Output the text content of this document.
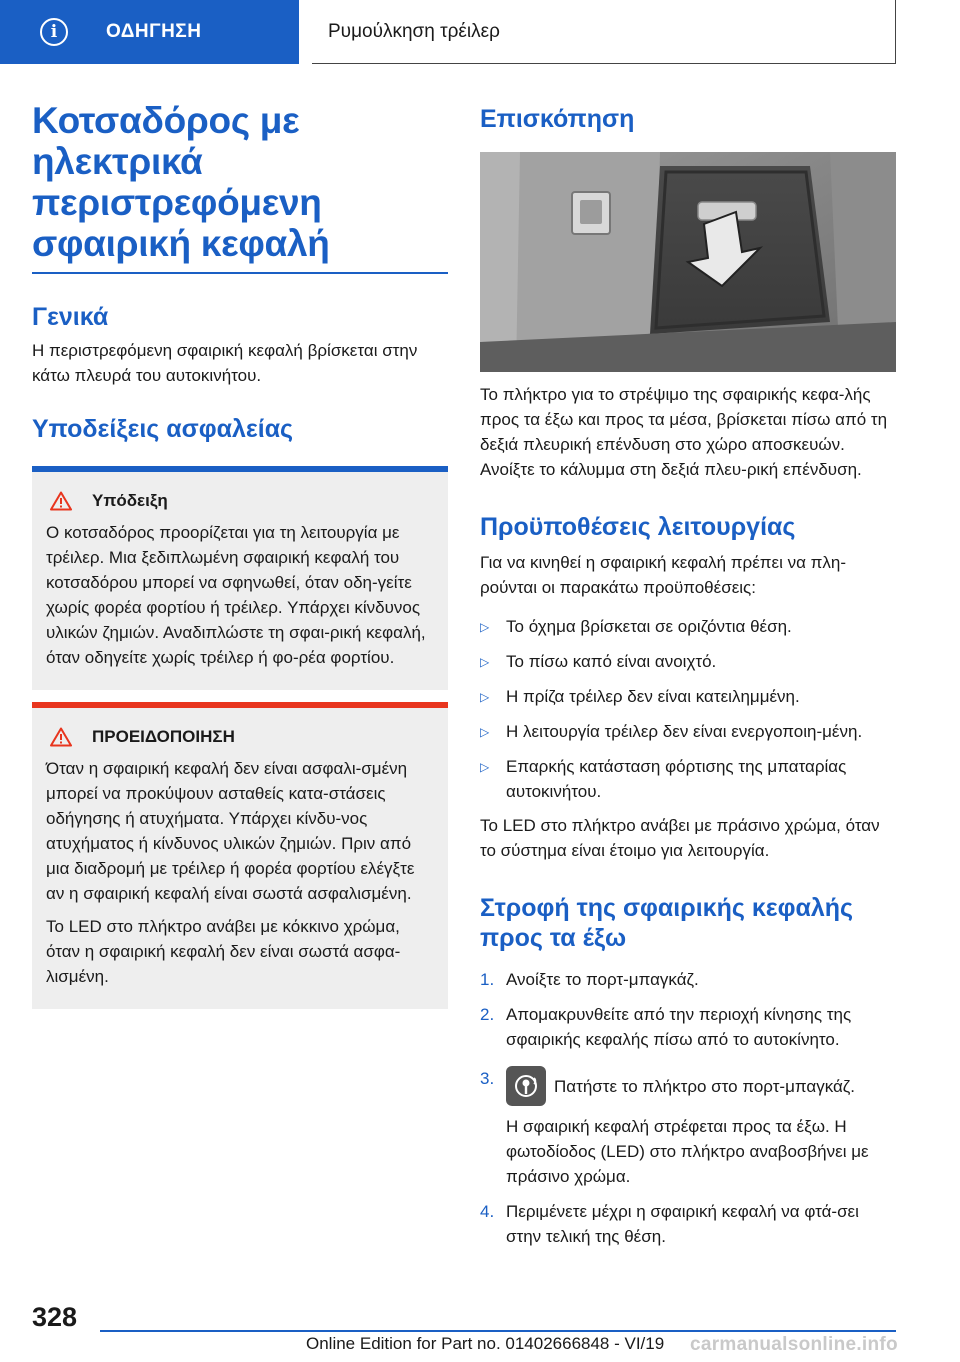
i	ΟΔΗΓΗΣΗ	Ρυμούλκηση τρέιλερ
Κοτσαδόρος με ηλεκτρικά περιστρεφόμενη σφαιρική κεφαλή
Γενικά

Η περιστρεφόμενη σφαιρική κεφαλή βρίσκεται στην κάτω πλευρά του αυτοκινήτου.

Υποδείξεις ασφαλείας
Υπόδειξη

Ο κοτσαδόρος προορίζεται για τη λειτουργία με τρέιλερ. Μια ξεδιπλωμένη σφαιρική κεφαλή του κοτσαδόρου μπορεί να σφηνωθεί, όταν οδη-γείτε χωρίς φορέα φορτίου ή τρέιλερ. Υπάρχει κίνδυνος υλικών ζημιών. Αναδιπλώστε τη σφαι-ρική κεφαλή, όταν οδηγείτε χωρίς τρέιλερ ή φο-ρέα φορτίου.

ΠΡΟΕΙΔΟΠΟΙΗΣΗ

Όταν η σφαιρική κεφαλή δεν είναι ασφαλι-σμένη μπορεί να προκύψουν ασταθείς κατα-στάσεις οδήγησης ή ατυχήματα. Υπάρχει κίνδυ-νος ατυχήματος ή κίνδυνος υλικών ζημιών. Πριν από μια διαδρομή με τρέιλερ ή φορέα φορτίου ελέγξτε αν η σφαιρική κεφαλή είναι σωστά ασφαλισμένη.

Το LED στο πλήκτρο ανάβει με κόκκινο χρώμα, όταν η σφαιρική κεφαλή δεν είναι σωστά ασφα-λισμένη.

Επισκόπηση

Το πλήκτρο για το στρέψιμο της σφαιρικής κεφα-λής προς τα έξω και προς τα μέσα, βρίσκεται πίσω από τη δεξιά πλευρική επένδυση στο χώρο αποσκευών. Ανοίξτε το κάλυμμα στη δεξιά πλευ-ρική επένδυση.

Προϋποθέσεις λειτουργίας

Για να κινηθεί η σφαιρική κεφαλή πρέπει να πλη-ρούνται οι παρακάτω προϋποθέσεις:

▷ Το όχημα βρίσκεται σε οριζόντια θέση.
▷ Το πίσω καπό είναι ανοιχτό.
▷ Η πρίζα τρέιλερ δεν είναι κατειλημμένη.
▷ Η λειτουργία τρέιλερ δεν είναι ενεργοποιη-μένη.
▷ Επαρκής κατάσταση φόρτισης της μπαταρίας αυτοκινήτου.

Το LED στο πλήκτρο ανάβει με πράσινο χρώμα, όταν το σύστημα είναι έτοιμο για λειτουργία.

Στροφή της σφαιρικής κεφαλής προς τα έξω
1. Ανοίξτε το πορτ-μπαγκάζ.
2. Απομακρυνθείτε από την περιοχή κίνησης της σφαιρικής κεφαλής πίσω από το αυτοκίνητο.
3.	Πατήστε το πλήκτρο στο πορτ-μπαγκάζ.
Η σφαιρική κεφαλή στρέφεται προς τα έξω. Η φωτοδίοδος (LED) στο πλήκτρο αναβοσβήνει με πράσινο χρώμα.
4. Περιμένετε μέχρι η σφαιρική κεφαλή να φτά-σει στην τελική της θέση.
328
Online Edition for Part no. 01402666848 - VI/19 carmanualsonline.info
